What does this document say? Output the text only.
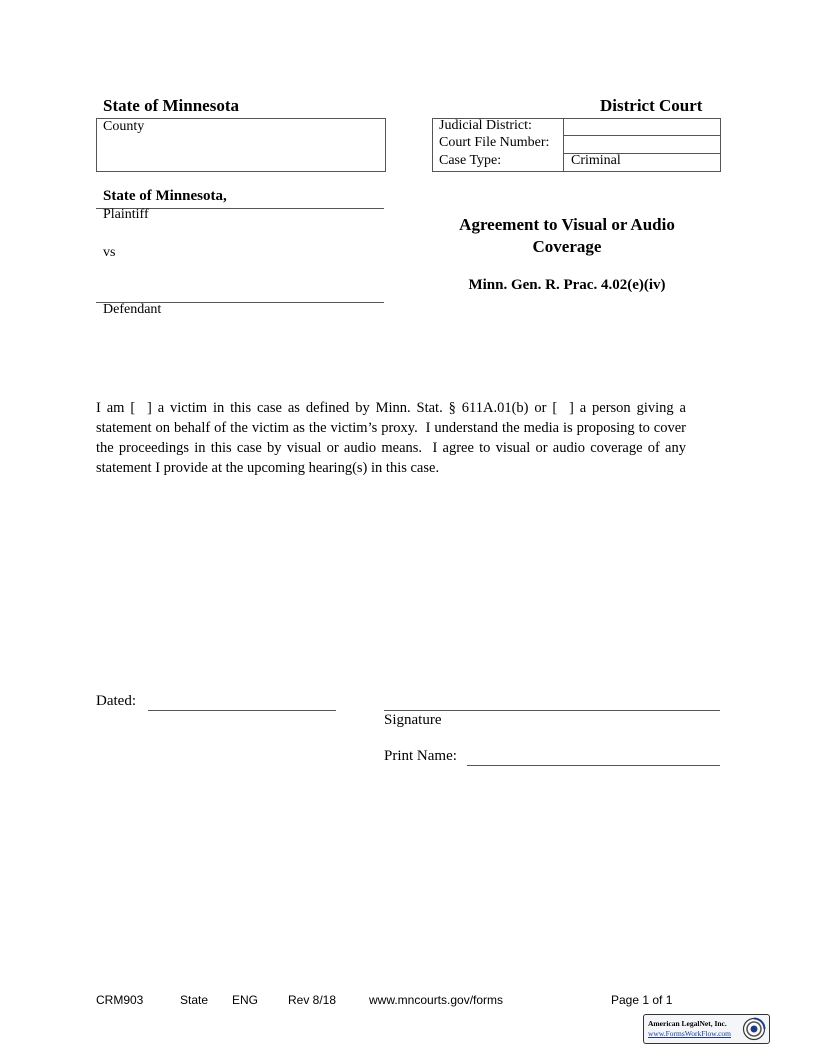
State of Minnesota	District Court
County	Judicial District:
Court File Number:
Case Type:	Criminal
State of Minnesota,
Plaintiff
vs
Defendant
Agreement to Visual or Audio
Coverage
Minn. Gen. R. Prac. 4.02(e)(iv)
I am [  ] a victim in this case as defined by Minn. Stat. § 611A.01(b) or [  ] a person giving a statement on behalf of the victim as the victim’s proxy.  I understand the media is proposing to cover the proceedings in this case by visual or audio means.  I agree to visual or audio coverage of any statement I provide at the upcoming hearing(s) in this case.
Dated:
Signature
Print Name:
CRM903	State ENG Rev 8/18	www.mncourts.gov/forms	Page 1 of 1
American LegalNet, Inc.
www.FormsWorkFlow.com
